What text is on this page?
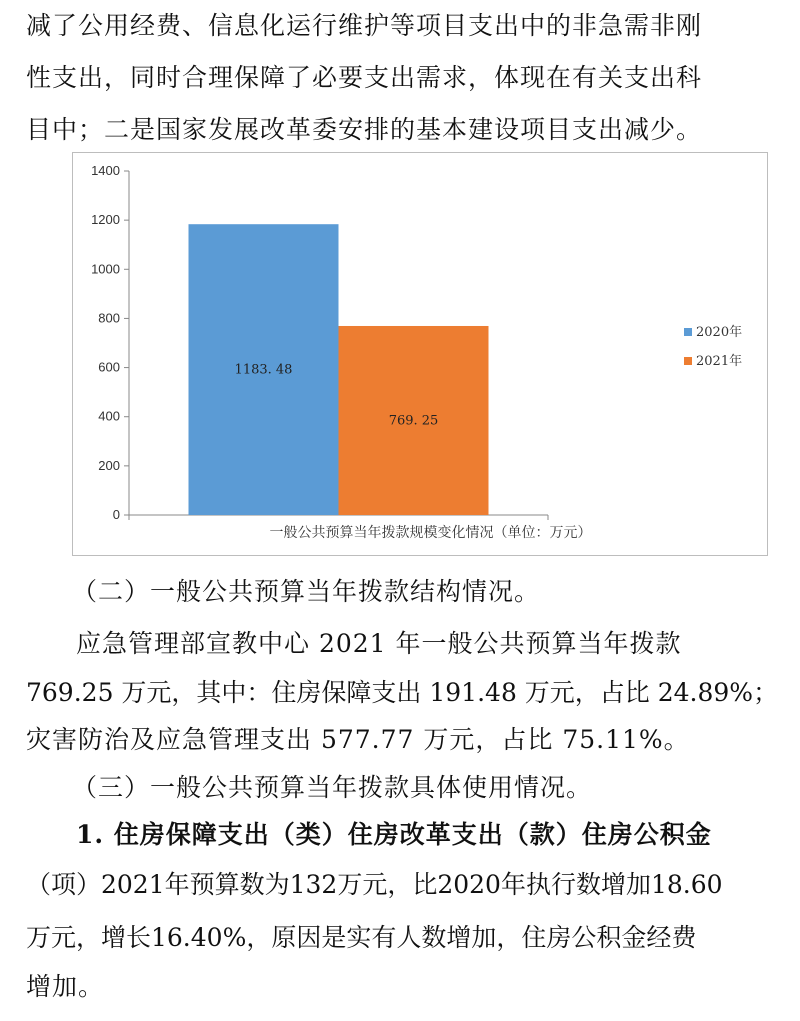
减了公用经费、信息化运行维护等项目支出中的非急需非刚
性支出，同时合理保障了必要支出需求，体现在有关支出科
目中；二是国家发展改革委安排的基本建设项目支出减少。
0
200
400
600
800
1000
1200
1400
1183. 48
769. 25
2020年
2021年
一般公共预算当年拨款规模变化情况（单位：万元）
（二）一般公共预算当年拨款结构情况。
应急管理部宣教中心 2021 年一般公共预算当年拨款
769.25 万元，其中：住房保障支出 191.48 万元，占比 24.89%；
灾害防治及应急管理支出 577.77 万元，占比 75.11%。
（三）一般公共预算当年拨款具体使用情况。
1. 住房保障支出（类）住房改革支出（款）住房公积金
（项）2021年预算数为132万元，比2020年执行数增加18.60
万元，增长16.40%，原因是实有人数增加，住房公积金经费
增加。
